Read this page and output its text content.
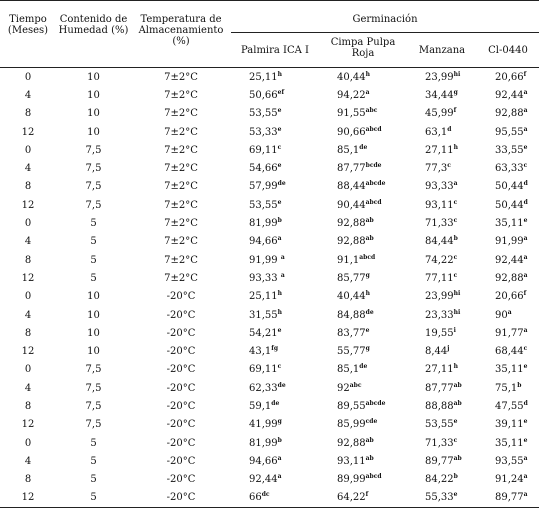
Tiempo (Meses)	Contenido de Humedad (%)	Temperatura de Almacenamiento (%)	Germinación			
			Palmira ICA I	Cimpa Pulpa Roja	Manzana	Cl-0440
0	10	7±2°C	25,11$^h$	40,44$^h$	$23,99^{hi}$	20,66$^f$
4	10	7±2°C	50,66$^{ef}$	94,22$^a$	34,44$^g$	92,44$^a$
8	10	7±2°C	53,55e	91,55$^{abc}$	45,99$^f$	92,88$^a$
12	10	7±2°C	53,33e	$90,66^{abcd}$	63,1$^d$	95,55$^a$
0	7,5	7±2°C	69,11$^c$	85,1de	27,11$^h$	33,55e
4	7,5	7±2°C	54,66e	$87,77^{bcde}$	77,3$^c$	63,33$^c$
8	7,5	7±2°C	57,99de	$88,44^{abcde}$	93,33$^a$	50,44$^d$
12	7,5	7±2°C	53,55e	$90,44^{abcd}$	93,11$^c$	50,44$^d$
0	5	7±2°C	81,99$^b$	92,88$^{ab}$	71,33$^c$	35,11e
4	5	7±2°C	94,66$^a$	92,88$^{ab}$	84,44$^b$	91,99$^a$
8	5	7±2°C	91,99 $^a$	$91,1^{abcd}$	74,22$^c$	92,44$^a$
12	5	7±2°C	93,33 $^a$	85,77$^g$	77,11$^c$	92,88$^a$
0	10	-20°C	25,11$^h$	40,44$^h$	$23,99^{hi}$	20,66$^f$
4	10	-20°C	31,55$^h$	84,88de	$23,33^{hi}$	90$^a$
8	10	-20°C	54,21e	83,77e	19,55$^i$	91,77$^a$
12	10	-20°C	43,1$^{fg}$	55,77$^g$	8,44$^j$	68,44$^c$
0	7,5	-20°C	69,11$^c$	85,1de	27,11$^h$	35,11e
4	7,5	-20°C	62,33de	$92^{abc}$	87,77$^{ab}$	75,1$^b$
8	7,5	-20°C	59,1de	$89,55^{abcde}$	88,88$^{ab}$	47,55$^d$
12	7,5	-20°C	41,99$^g$	85,99$^{cde}$	53,55e	39,11e
0	5	-20°C	81,99$^b$	92,88$^{ab}$	71,33$^c$	35,11e
4	5	-20°C	94,66$^a$	93,11$^{ab}$	89,77$^{ab}$	93,55$^a$
8	5	-20°C	92,44$^a$	$89,99^{abcd}$	84,22$^b$	91,24$^a$
12	5	-20°C	$66^{dc}$	64,22$^f$	55,33e	89,77$^a$
